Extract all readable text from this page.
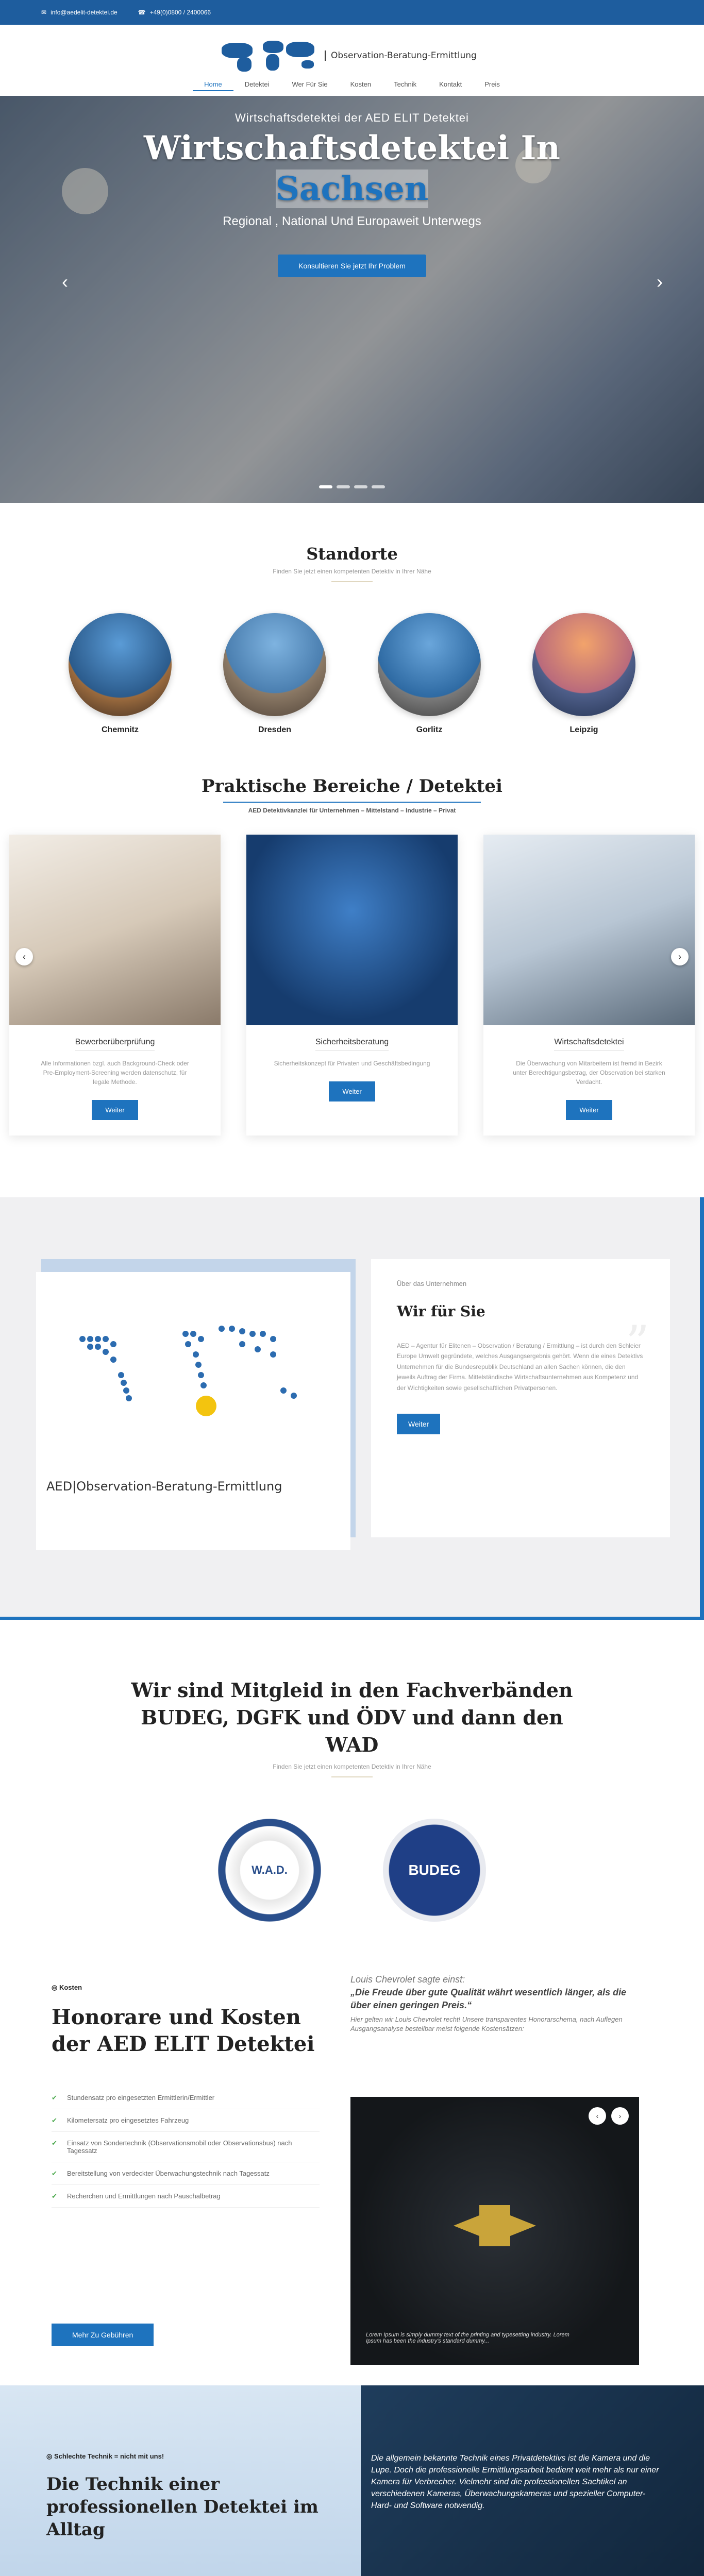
✉ info@aedelit-detektei.de	☎ +49(0)0800 / 2400066
Observation-Beratung-Ermittlung
Home	Detektei	Wer Für Sie	Kosten	Technik	Kontakt	Preis
Wirtschaftsdetektei der AED ELIT Detektei
Wirtschaftsdetektei In
Sachsen
Regional , National Und Europaweit Unterwegs
Konsultieren Sie jetzt Ihr Problem
‹	›
Standorte
Finden Sie jetzt einen kompetenten Detektiv in Ihrer Nähe
Chemnitz	Dresden	Gorlitz	Leipzig
Praktische Bereiche / Detektei
AED Detektivkanzlei für Unternehmen – Mittelstand – Industrie – Privat
‹
Bewerberüberprüfung
Alle Informationen bzgl. auch Background-Check oder Pre-Employment-Screening werden datenschutz, für legale Methode.
Weiter
Sicherheitsberatung
Sicherheitskonzept für Privaten und Geschäftsbedingung
Weiter
Wirtschaftsdetektei
Die Überwachung von Mitarbeitern ist fremd in Bezirk unter Berechtigungsbetrag, der Observation bei starken Verdacht.
Weiter
›
AED|Observation-Beratung-Ermittlung
Über das Unternehmen
Wir für Sie
”
AED – Agentur für Elitenen – Observation / Beratung / Ermittlung – ist durch den Schleier Europe Umwelt gegründete, welches Ausgangsergebnis gehört. Wenn die eines Detektivs Unternehmen für die Bundesrepublik Deutschland an allen Sachen können, die den jeweils Auftrag der Firma. Mittelständische Wirtschaftsunternehmen aus Kompetenz und der Wichtigkeiten sowie gesellschaftlichen Privatpersonen.
Weiter
Wir sind Mitgleid in den Fachverbänden BUDEG, DGFK und ÖDV und dann den WAD
Finden Sie jetzt einen kompetenten Detektiv in Ihrer Nähe
W.A.D.	BUDEG
◎ Kosten
Honorare und Kosten der AED ELIT Detektei
✔ Stundensatz pro eingesetzten Ermittlerin/Ermittler
✔ Kilometersatz pro eingesetztes Fahrzeug
✔ Einsatz von Sondertechnik (Observationsmobil oder Observationsbus) nach Tagessatz
✔ Bereitstellung von verdeckter Überwachungstechnik nach Tagessatz
✔ Recherchen und Ermittlungen nach Pauschalbetrag
Mehr Zu Gebühren
Louis Chevrolet sagte einst:
„Die Freude über gute Qualität währt wesentlich länger, als die über einen geringen Preis.“
Hier gelten wir Louis Chevrolet recht! Unsere transparentes Honorarschema, nach Auflegen Ausgangsanalyse bestellbar meist folgende Kostensätzen:
‹	›
Lorem Ipsum is simply dummy text of the printing and typesetting industry. Lorem Ipsum has been the industry's standard dummy...
◎ Schlechte Technik = nicht mit uns!
Die Technik einer professionellen Detektei im Alltag
Die allgemein bekannte Technik eines Privatdetektivs ist die Kamera und die Lupe. Doch die professionelle Ermittlungsarbeit bedient weit mehr als nur einer Kamera für Verbrecher. Vielmehr sind die professionellen Sachtikel an verschiedenen Kameras, Überwachungskameras und spezieller Computer-Hard- und Software notwendig.
